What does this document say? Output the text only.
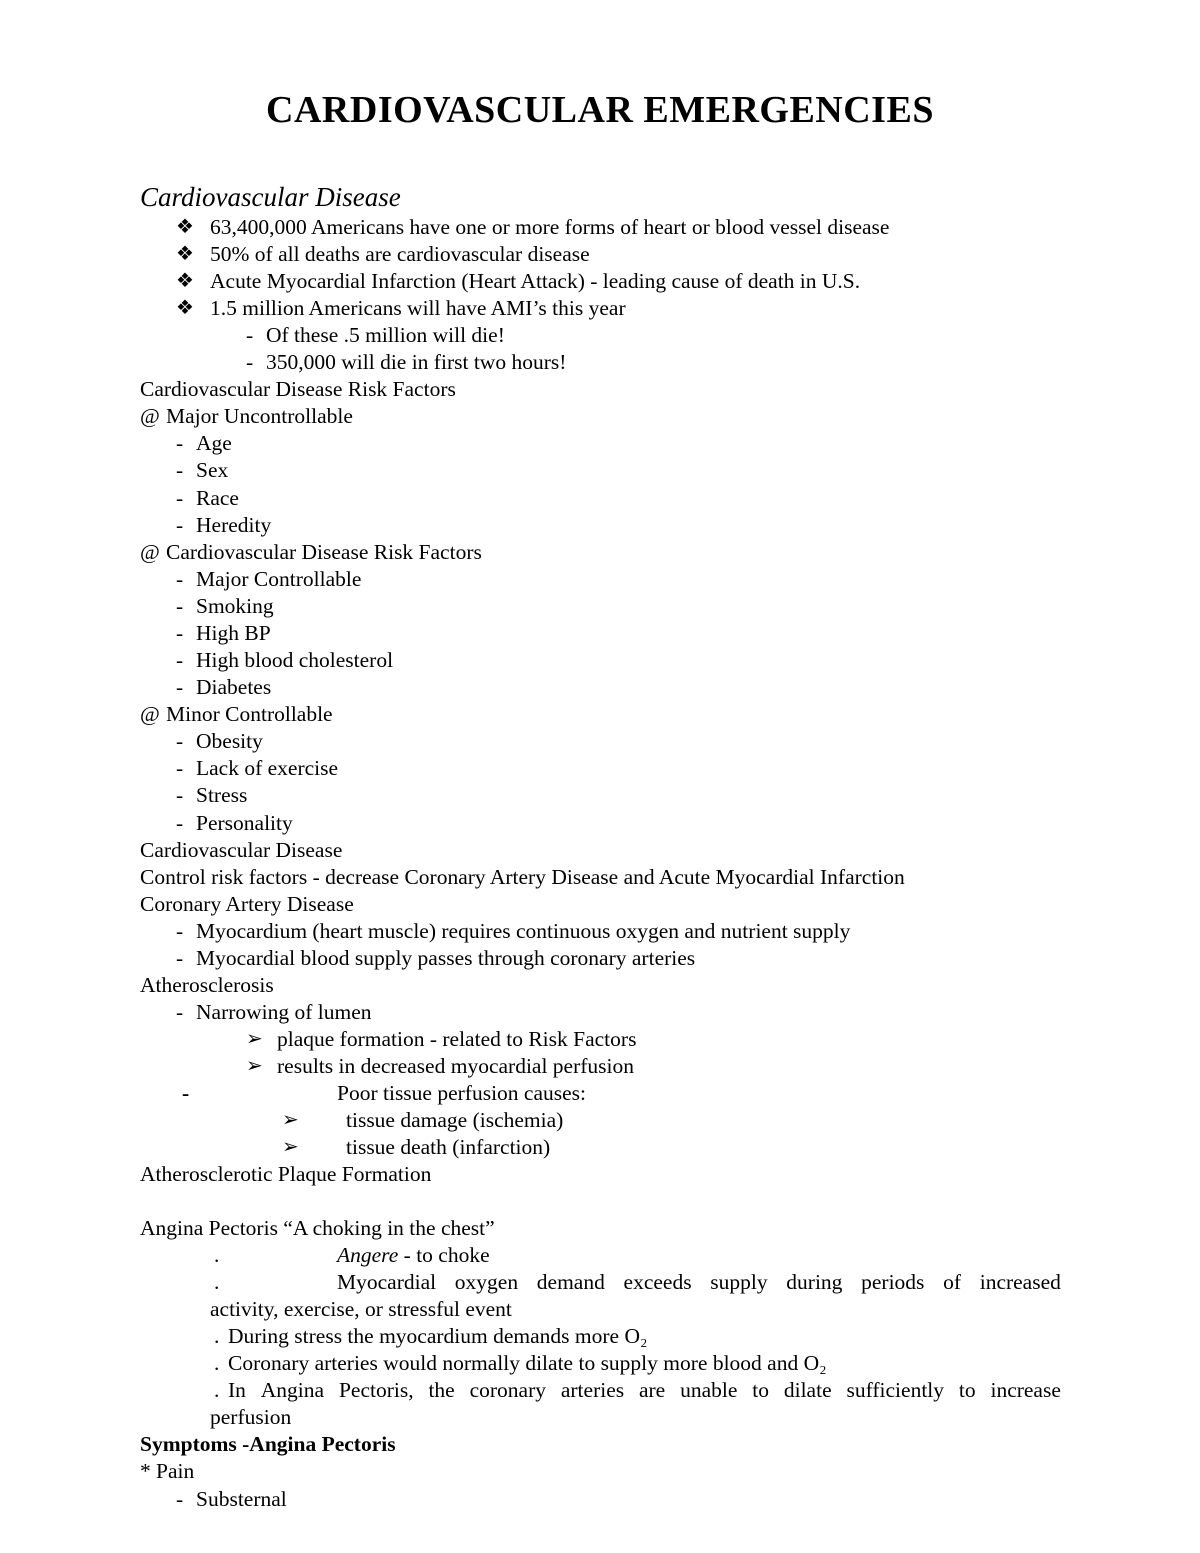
CARDIOVASCULAR EMERGENCIES
Cardiovascular Disease
❖ 63,400,000 Americans have one or more forms of heart or blood vessel disease
❖ 50% of all deaths are cardiovascular disease
❖ Acute Myocardial Infarction (Heart Attack) - leading cause of death in U.S.
❖ 1.5 million Americans will have AMI’s this year
- Of these .5 million will die!
- 350,000 will die in first two hours!
Cardiovascular Disease Risk Factors
@ Major Uncontrollable
- Age
- Sex
- Race
- Heredity
@ Cardiovascular Disease Risk Factors
- Major Controllable
- Smoking
- High BP
- High blood cholesterol
- Diabetes
@ Minor Controllable
- Obesity
- Lack of exercise
- Stress
- Personality
Cardiovascular Disease
Control risk factors - decrease Coronary Artery Disease and Acute Myocardial Infarction
Coronary Artery Disease
- Myocardium (heart muscle) requires continuous oxygen and nutrient supply
- Myocardial blood supply passes through coronary arteries
Atherosclerosis
- Narrowing of lumen
➢ plaque formation - related to Risk Factors
➢ results in decreased myocardial perfusion
-	Poor tissue perfusion causes:
➢ tissue damage (ischemia)
➢ tissue death (infarction)
Atherosclerotic Plaque Formation
Angina Pectoris “A choking in the chest”
.	Angere - to choke
.	Myocardial oxygen demand exceeds supply during periods of increased
activity, exercise, or stressful event
. During stress the myocardium demands more O₂
. Coronary arteries would normally dilate to supply more blood and O₂
. In Angina Pectoris, the coronary arteries are unable to dilate sufficiently to increase
perfusion
Symptoms -Angina Pectoris
* Pain
- Substernal
